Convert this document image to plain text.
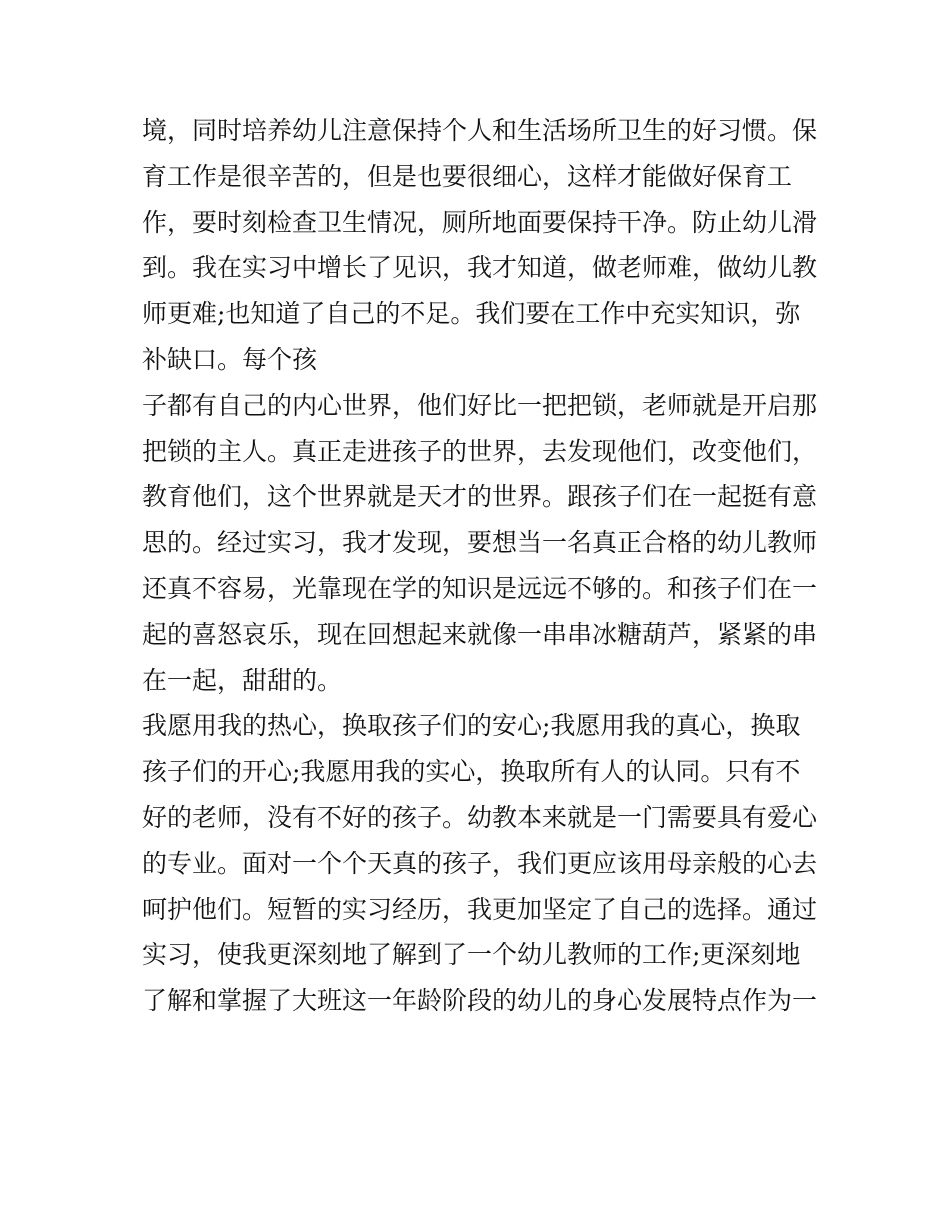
境，同时培养幼儿注意保持个人和生活场所卫生的好习惯。保
育工作是很辛苦的，但是也要很细心，这样才能做好保育工
作，要时刻检查卫生情况，厕所地面要保持干净。防止幼儿滑
到。我在实习中增长了见识，我才知道，做老师难，做幼儿教
师更难;也知道了自己的不足。我们要在工作中充实知识，弥
补缺口。每个孩
子都有自己的内心世界，他们好比一把把锁，老师就是开启那
把锁的主人。真正走进孩子的世界，去发现他们，改变他们，
教育他们，这个世界就是天才的世界。跟孩子们在一起挺有意
思的。经过实习，我才发现，要想当一名真正合格的幼儿教师
还真不容易，光靠现在学的知识是远远不够的。和孩子们在一
起的喜怒哀乐，现在回想起来就像一串串冰糖葫芦，紧紧的串
在一起，甜甜的。
我愿用我的热心，换取孩子们的安心;我愿用我的真心，换取
孩子们的开心;我愿用我的实心，换取所有人的认同。只有不
好的老师，没有不好的孩子。幼教本来就是一门需要具有爱心
的专业。面对一个个天真的孩子，我们更应该用母亲般的心去
呵护他们。短暂的实习经历，我更加坚定了自己的选择。通过
实习，使我更深刻地了解到了一个幼儿教师的工作;更深刻地
了解和掌握了大班这一年龄阶段的幼儿的身心发展特点作为一
